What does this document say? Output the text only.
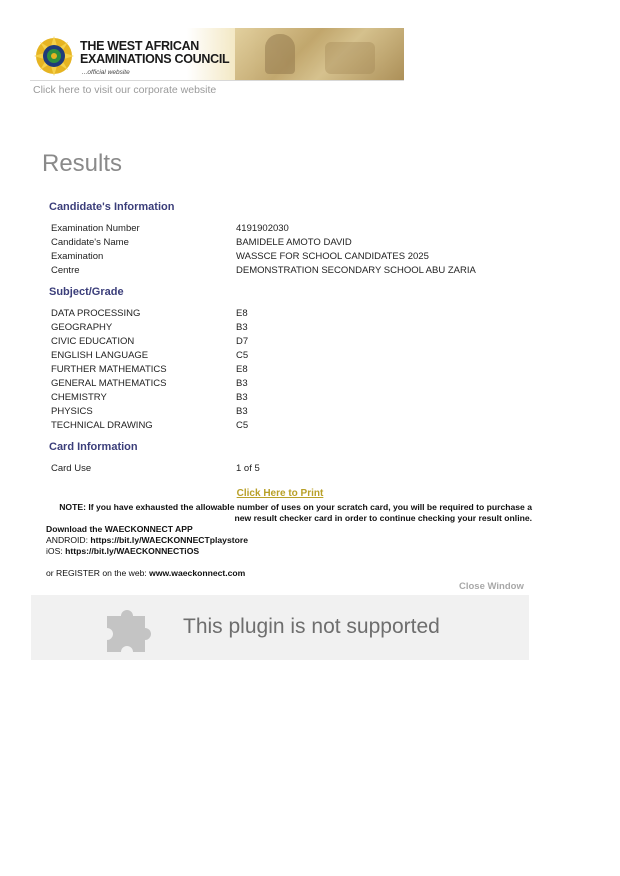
THE WEST AFRICAN
EXAMINATIONS COUNCIL
...official website
Click here to visit our corporate website
Results
Candidate's Information
Examination Number	4191902030
Candidate's Name	BAMIDELE AMOTO DAVID
Examination	WASSCE FOR SCHOOL CANDIDATES 2025
Centre	DEMONSTRATION SECONDARY SCHOOL ABU ZARIA
Subject/Grade
DATA PROCESSING	E8
GEOGRAPHY	B3
CIVIC EDUCATION	D7
ENGLISH LANGUAGE	C5
FURTHER MATHEMATICS	E8
GENERAL MATHEMATICS	B3
CHEMISTRY	B3
PHYSICS	B3
TECHNICAL DRAWING	C5
Card Information
Card Use	1 of 5
Click Here to Print
NOTE: If you have exhausted the allowable number of uses on your scratch card, you will be required to purchase a
new result checker card in order to continue checking your result online.
Download the WAECKONNECT APP
ANDROID: https://bit.ly/WAECKONNECTplaystore
iOS: https://bit.ly/WAECKONNECTiOS
or REGISTER on the web: www.waeckonnect.com
Close Window
This plugin is not supported
